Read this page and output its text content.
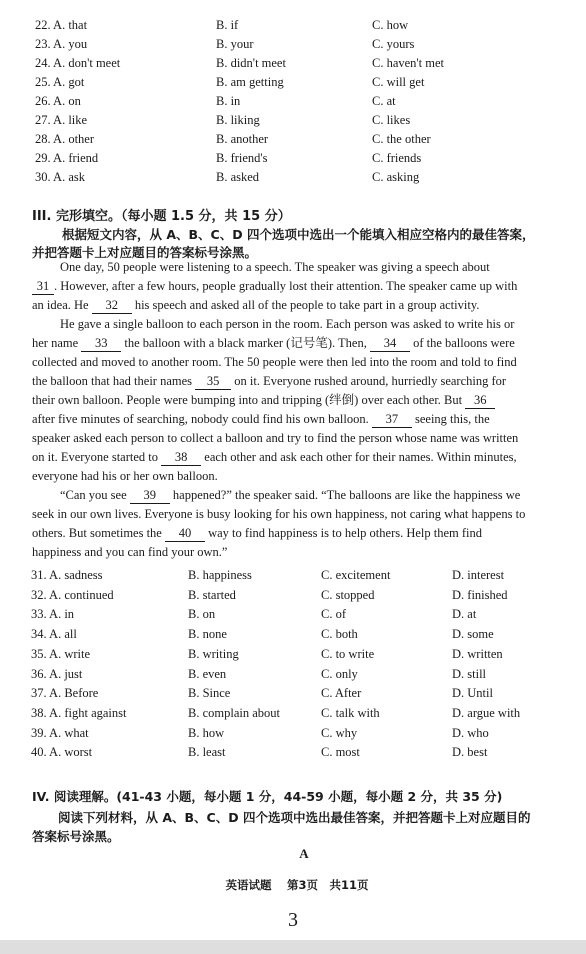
22. A. that	B. if	C. how
23. A. you	B. your	C. yours
24. A. don't meet	B. didn't meet	C. haven't met
25. A. got	B. am getting	C. will get
26. A. on	B. in	C. at
27. A. like	B. liking	C. likes
28. A. other	B. another	C. the other
29. A. friend	B. friend's	C. friends
30. A. ask	B. asked	C. asking
III. 完形填空。（每小题 1.5 分，共 15 分）
根据短文内容，从 A、B、C、D 四个选项中选出一个能填入相应空格内的最佳答案，
并把答题卡上对应题目的答案标号涂黑。
One day, 50 people were listening to a speech. The speaker was giving a speech about
31 . However, after a few hours, people gradually lost their attention. The speaker came up with
an idea. He 32 his speech and asked all of the people to take part in a group activity.
He gave a single balloon to each person in the room. Each person was asked to write his or
her name 33 the balloon with a black marker (记号笔). Then, 34 of the balloons were
collected and moved to another room. The 50 people were then led into the room and told to find
the balloon that had their names 35 on it. Everyone rushed around, hurriedly searching for
their own balloon. People were bumping into and tripping (绊倒) over each other. But 36
after five minutes of searching, nobody could find his own balloon. 37 seeing this, the
speaker asked each person to collect a balloon and try to find the person whose name was written
on it. Everyone started to 38 each other and ask each other for their names. Within minutes,
everyone had his or her own balloon.
“Can you see 39 happened?” the speaker said. “The balloons are like the happiness we
seek in our own lives. Everyone is busy looking for his own happiness, not caring what happens to
others. But sometimes the 40 way to find happiness is to help others. Help them find
happiness and you can find your own.”
31. A. sadness	B. happiness	C. excitement	D. interest
32. A. continued	B. started	C. stopped	D. finished
33. A. in	B. on	C. of	D. at
34. A. all	B. none	C. both	D. some
35. A. write	B. writing	C. to write	D. written
36. A. just	B. even	C. only	D. still
37. A. Before	B. Since	C. After	D. Until
38. A. fight against	B. complain about	C. talk with	D. argue with
39. A. what	B. how	C. why	D. who
40. A. worst	B. least	C. most	D. best
IV. 阅读理解。(41-43 小题，每小题 1 分，44-59 小题，每小题 2 分，共 35 分)
阅读下列材料，从 A、B、C、D 四个选项中选出最佳答案，并把答题卡上对应题目的
答案标号涂黑。
A
英语试题　 第3页　共11页
3
